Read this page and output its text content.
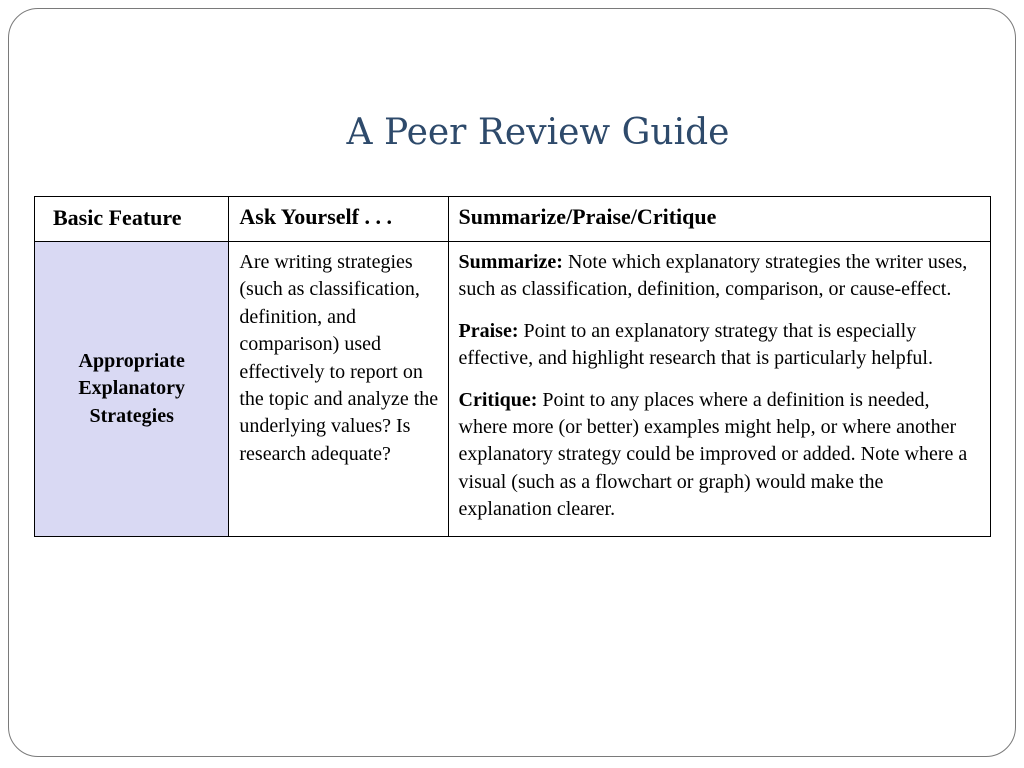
A Peer Review Guide
Basic Feature	Ask Yourself . . .	Summarize/Praise/Critique

Appropriate Explanatory Strategies	Are writing strategies (such as classification, definition, and comparison) used effectively to report on the topic and analyze the underlying values? Is research adequate?	Summarize: Note which explanatory strategies the writer uses, such as classification, definition, comparison, or cause-effect.

Praise: Point to an explanatory strategy that is especially effective, and highlight research that is particularly helpful.

Critique: Point to any places where a definition is needed, where more (or better) examples might help, or where another explanatory strategy could be improved or added. Note where a visual (such as a flowchart or graph) would make the explanation clearer.
